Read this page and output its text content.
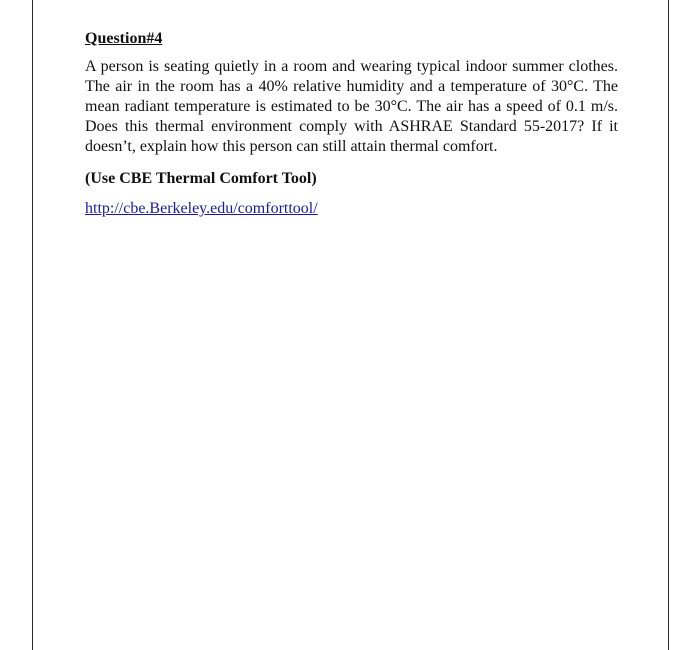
Question#4
A person is seating quietly in a room and wearing typical indoor summer clothes. The air in the room has a 40% relative humidity and a temperature of 30°C. The mean radiant temperature is estimated to be 30°C. The air has a speed of 0.1 m/s. Does this thermal environment comply with ASHRAE Standard 55-2017? If it doesn’t, explain how this person can still attain thermal comfort.
(Use CBE Thermal Comfort Tool)
http://cbe.Berkeley.edu/comforttool/
